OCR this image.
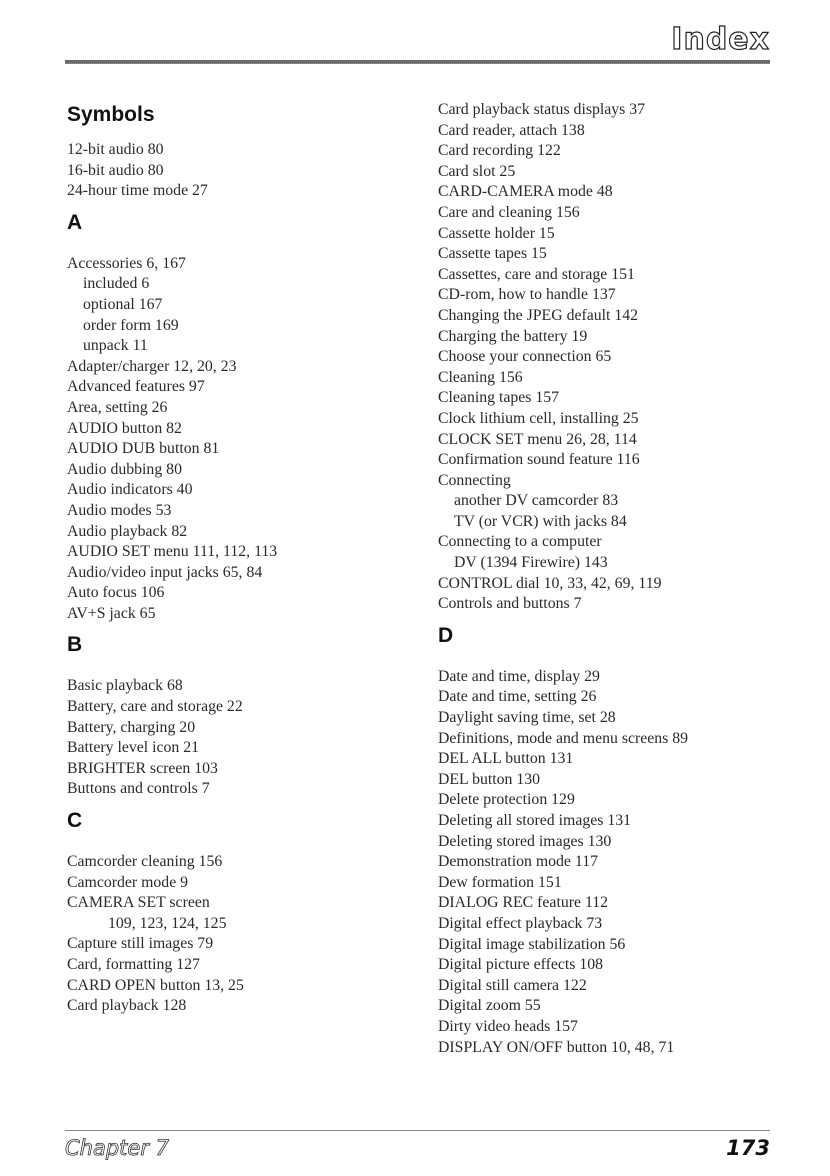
Index
Symbols
12-bit audio 80
16-bit audio 80
24-hour time mode 27
A
Accessories 6, 167
included 6
optional 167
order form 169
unpack 11
Adapter/charger 12, 20, 23
Advanced features 97
Area, setting 26
AUDIO button 82
AUDIO DUB button 81
Audio dubbing 80
Audio indicators 40
Audio modes 53
Audio playback 82
AUDIO SET menu 111, 112, 113
Audio/video input jacks 65, 84
Auto focus 106
AV+S jack 65
B
Basic playback 68
Battery, care and storage 22
Battery, charging 20
Battery level icon 21
BRIGHTER screen 103
Buttons and controls 7
C
Camcorder cleaning 156
Camcorder mode 9
CAMERA SET screen
109, 123, 124, 125
Capture still images 79
Card, formatting 127
CARD OPEN button 13, 25
Card playback 128
Card playback status displays 37
Card reader, attach 138
Card recording 122
Card slot 25
CARD-CAMERA mode 48
Care and cleaning 156
Cassette holder 15
Cassette tapes 15
Cassettes, care and storage 151
CD-rom, how to handle 137
Changing the JPEG default 142
Charging the battery 19
Choose your connection 65
Cleaning 156
Cleaning tapes 157
Clock lithium cell, installing 25
CLOCK SET menu 26, 28, 114
Confirmation sound feature 116
Connecting
another DV camcorder 83
TV (or VCR) with jacks 84
Connecting to a computer
DV (1394 Firewire) 143
CONTROL dial 10, 33, 42, 69, 119
Controls and buttons 7
D
Date and time, display 29
Date and time, setting 26
Daylight saving time, set 28
Definitions, mode and menu screens 89
DEL ALL button 131
DEL button 130
Delete protection 129
Deleting all stored images 131
Deleting stored images 130
Demonstration mode 117
Dew formation 151
DIALOG REC feature 112
Digital effect playback 73
Digital image stabilization 56
Digital picture effects 108
Digital still camera 122
Digital zoom 55
Dirty video heads 157
DISPLAY ON/OFF button 10, 48, 71
Chapter 7	173
